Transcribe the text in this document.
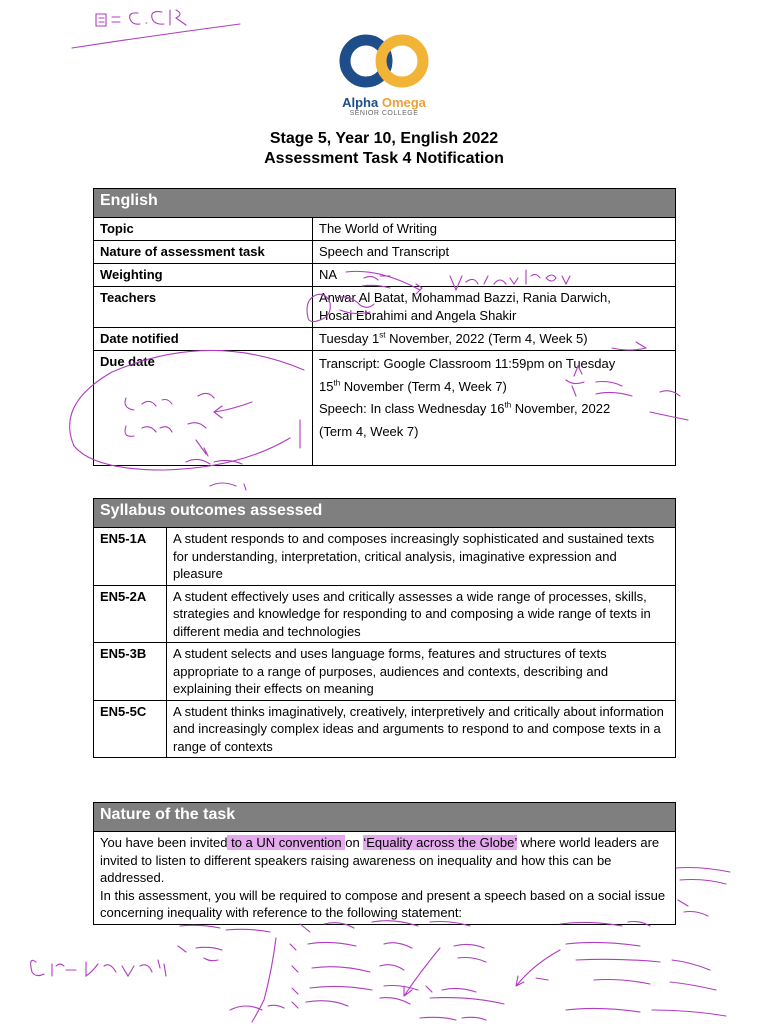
Alpha Omega
SENIOR COLLEGE
Stage 5, Year 10, English 2022
Assessment Task 4 Notification
English	
Topic	The World of Writing
Nature of assessment task	Speech and Transcript
Weighting	NA
Teachers	Anwar Al Batat, Mohammad Bazzi, Rania Darwich,
Hosai Ebrahimi and Angela Shakir
Date notified	Tuesday 1st November, 2022 (Term 4, Week 5)
Due date	Transcript: Google Classroom 11:59pm on Tuesday
15th November (Term 4, Week 7)
Speech: In class Wednesday 16th November, 2022
(Term 4, Week 7)
Syllabus outcomes assessed	
EN5-1A	A student responds to and composes increasingly sophisticated and sustained texts for understanding, interpretation, critical analysis, imaginative expression and pleasure
EN5-2A	A student effectively uses and critically assesses a wide range of processes, skills, strategies and knowledge for responding to and composing a wide range of texts in different media and technologies
EN5-3B	A student selects and uses language forms, features and structures of texts appropriate to a range of purposes, audiences and contexts, describing and explaining their effects on meaning
EN5-5C	A student thinks imaginatively, creatively, interpretively and critically about information and increasingly complex ideas and arguments to respond to and compose texts in a range of contexts
Nature of the task
You have been invited to a UN convention on ‘Equality across the Globe’ where world leaders are invited to listen to different speakers raising awareness on inequality and how this can be addressed.
In this assessment, you will be required to compose and present a speech based on a social issue concerning inequality with reference to the following statement:
